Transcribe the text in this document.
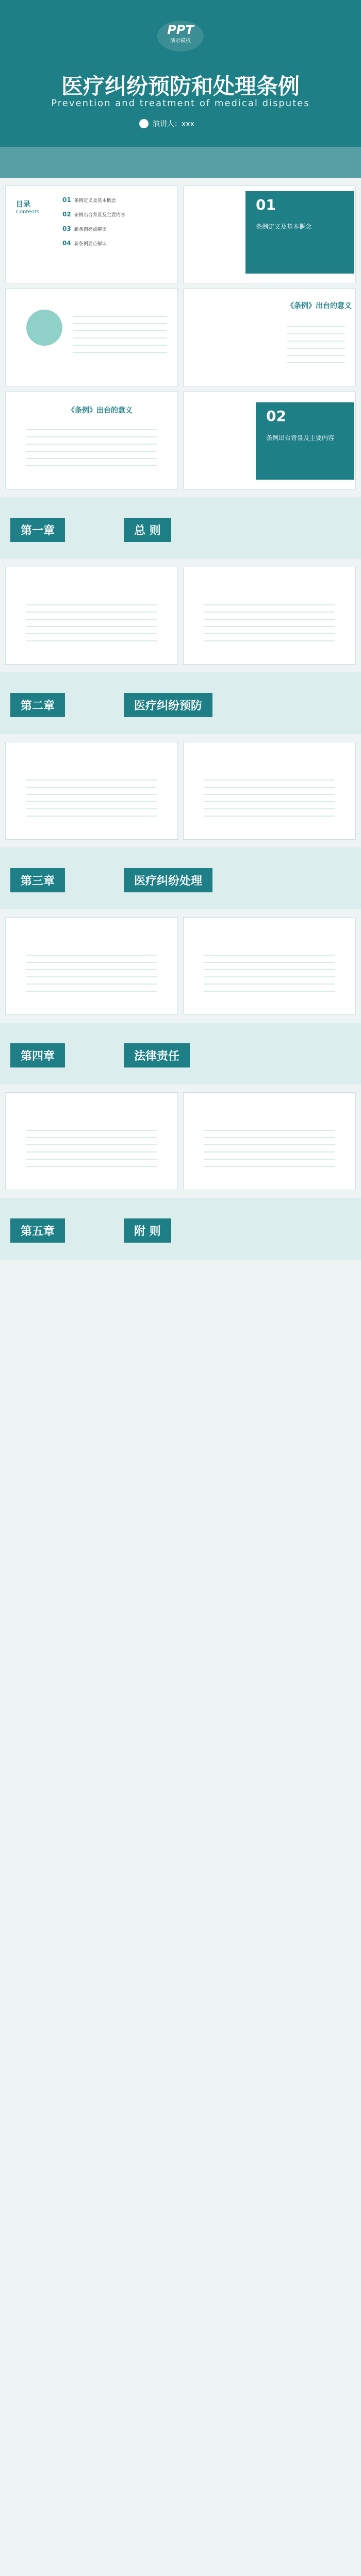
PPT
演示模板
医疗纠纷预防和处理条例
Prevention and treatment of medical disputes
演讲人：xxx
目录
Contents
01 条例定义及基本概念
02 条例出台背景及主要内容
03 新条例亮点解读
04 新条例要点解读
01
条例定义及基本概念
《条例》出台的意义
《条例》出台的意义	02
条例出台背景及主要内容
第一章	总 则
第二章	医疗纠纷预防
第三章	医疗纠纷处理
第四章	法律责任
第五章	附 则
